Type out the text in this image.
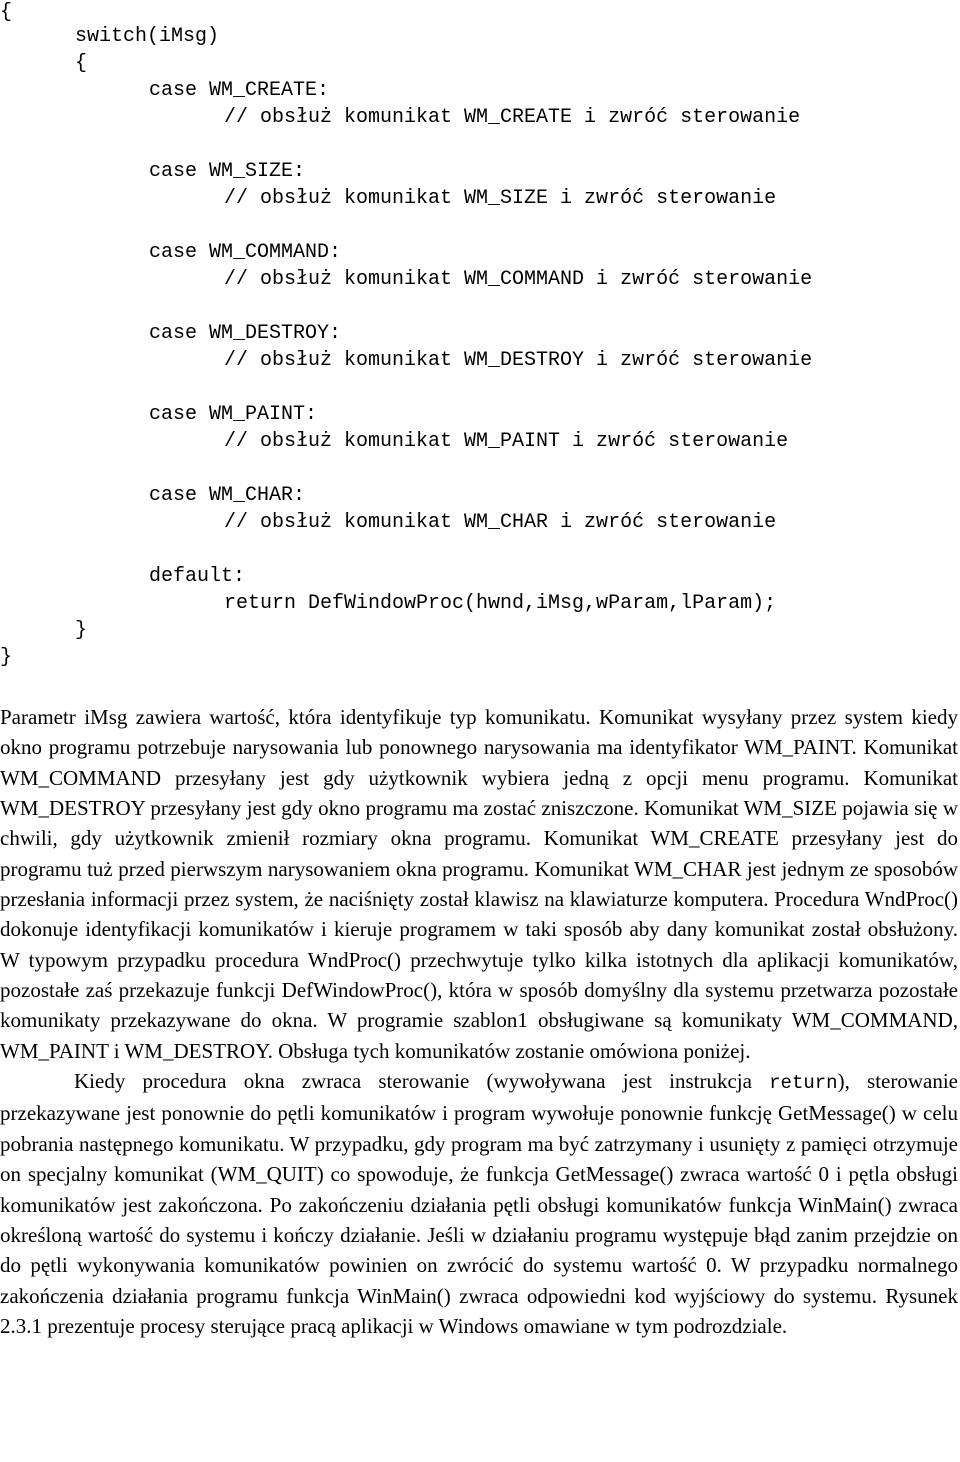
{
switch(iMsg)
{
case WM_CREATE:
// obsłuż komunikat WM_CREATE i zwróć sterowanie
case WM_SIZE:
// obsłuż komunikat WM_SIZE i zwróć sterowanie
case WM_COMMAND:
// obsłuż komunikat WM_COMMAND i zwróć sterowanie
case WM_DESTROY:
// obsłuż komunikat WM_DESTROY i zwróć sterowanie
case WM_PAINT:
// obsłuż komunikat WM_PAINT i zwróć sterowanie
case WM_CHAR:
// obsłuż komunikat WM_CHAR i zwróć sterowanie
default:
return DefWindowProc(hwnd,iMsg,wParam,lParam);
}
}

Parametr iMsg zawiera wartość, która identyfikuje typ komunikatu. Komunikat wysyłany przez system kiedy okno programu potrzebuje narysowania lub ponownego narysowania ma identyfikator WM_PAINT. Komunikat WM_COMMAND przesyłany jest gdy użytkownik wybiera jedną z opcji menu programu. Komunikat WM_DESTROY przesyłany jest gdy okno programu ma zostać zniszczone. Komunikat WM_SIZE pojawia się w chwili, gdy użytkownik zmienił rozmiary okna programu. Komunikat WM_CREATE przesyłany jest do programu tuż przed pierwszym narysowaniem okna programu. Komunikat WM_CHAR jest jednym ze sposobów przesłania informacji przez system, że naciśnięty został klawisz na klawiaturze komputera. Procedura WndProc() dokonuje identyfikacji komunikatów i kieruje programem w taki sposób aby dany komunikat został obsłużony. W typowym przypadku procedura WndProc() przechwytuje tylko kilka istotnych dla aplikacji komunikatów, pozostałe zaś przekazuje funkcji DefWindowProc(), która w sposób domyślny dla systemu przetwarza pozostałe komunikaty przekazywane do okna. W programie szablon1 obsługiwane są komunikaty WM_COMMAND, WM_PAINT i WM_DESTROY. Obsługa tych komunikatów zostanie omówiona poniżej.

Kiedy procedura okna zwraca sterowanie (wywoływana jest instrukcja return), sterowanie przekazywane jest ponownie do pętli komunikatów i program wywołuje ponownie funkcję GetMessage() w celu pobrania następnego komunikatu. W przypadku, gdy program ma być zatrzymany i usunięty z pamięci otrzymuje on specjalny komunikat (WM_QUIT) co spowoduje, że funkcja GetMessage() zwraca wartość 0 i pętla obsługi komunikatów jest zakończona. Po zakończeniu działania pętli obsługi komunikatów funkcja WinMain() zwraca określoną wartość do systemu i kończy działanie. Jeśli w działaniu programu występuje błąd zanim przejdzie on do pętli wykonywania komunikatów powinien on zwrócić do systemu wartość 0. W przypadku normalnego zakończenia działania programu funkcja WinMain() zwraca odpowiedni kod wyjściowy do systemu. Rysunek 2.3.1 prezentuje procesy sterujące pracą aplikacji w Windows omawiane w tym podrozdziale.
